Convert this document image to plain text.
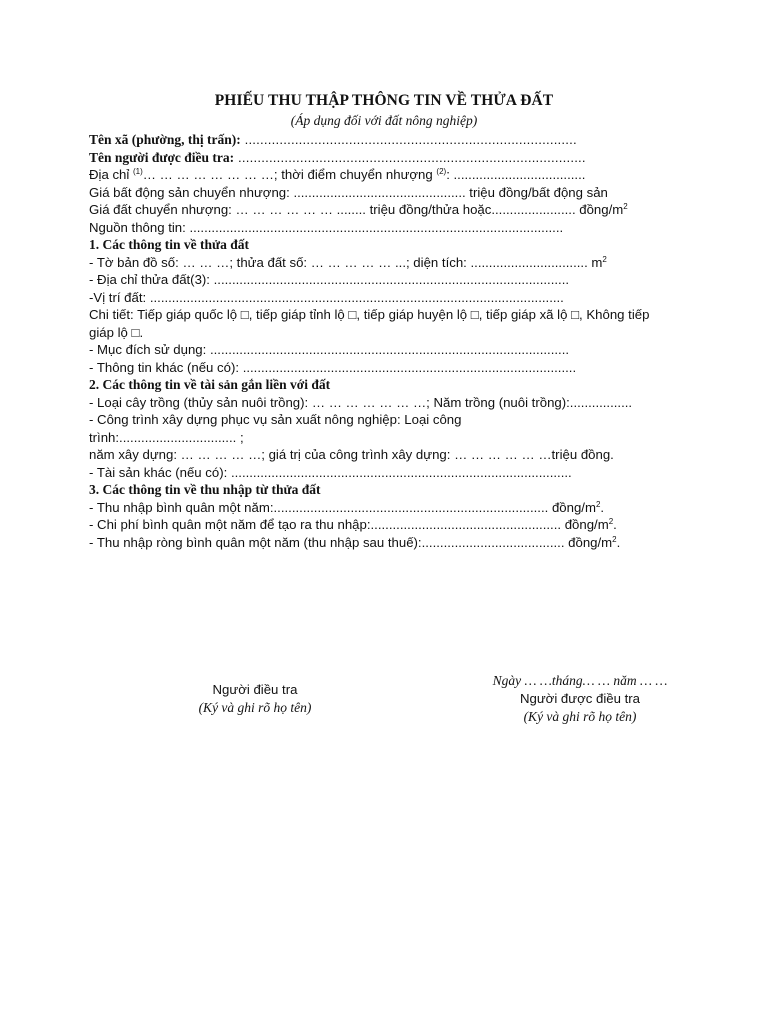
PHIẾU THU THẬP THÔNG TIN VỀ THỬA ĐẤT
(Áp dụng đối với đất nông nghiệp)
Tên xã (phường, thị trấn): ......................................................................................
Tên người được điều tra: ..........................................................................................
Địa chỉ $^{(1)}$… … … … … … … …; thời điểm chuyển nhượng $^{(2)}$: ....................................
Giá bất động sản chuyển nhượng: ............................................... triệu đồng/bất động sản
Giá đất chuyển nhượng: … … … … … … ........ triệu đồng/thửa hoặc....................... đồng/$m^2$
Nguồn thông tin: ......................................................................................................
1. Các thông tin về thửa đất
- Tờ bản đồ số: … … …; thửa đất số: … … … … … ...; diện tích: ................................ $m^2$
- Địa chỉ thửa đất(3): .................................................................................................
-Vị trí đất: .................................................................................................................
Chi tiết: Tiếp giáp quốc lộ □, tiếp giáp tỉnh lộ □, tiếp giáp huyện lộ □, tiếp giáp xã lộ □, Không tiếp giáp lộ □.
- Mục đích sử dụng: ..................................................................................................
- Thông tin khác (nếu có): ...........................................................................................
2. Các thông tin về tài sản gắn liền với đất
- Loại cây trồng (thủy sản nuôi trồng): … … … … … … …; Năm trồng (nuôi trồng):.................
- Công trình xây dựng phục vụ sản xuất nông nghiệp: Loại công trình:................................ ;
năm xây dựng: … … … … …; giá trị của công trình xây dựng: … … … … … …triệu đồng.
- Tài sản khác (nếu có): .............................................................................................
3. Các thông tin về thu nhập từ thửa đất
- Thu nhập bình quân một năm:........................................................................... đồng/$m^2$.
- Chi phí bình quân một năm để tạo ra thu nhập:.................................................... đồng/$m^2$.
- Thu nhập ròng bình quân một năm (thu nhập sau thuế):....................................... đồng/$m^2$.
Người điều tra
(Ký và ghi rõ họ tên)
Ngày … …tháng… … năm … …
Người được điều tra
(Ký và ghi rõ họ tên)
